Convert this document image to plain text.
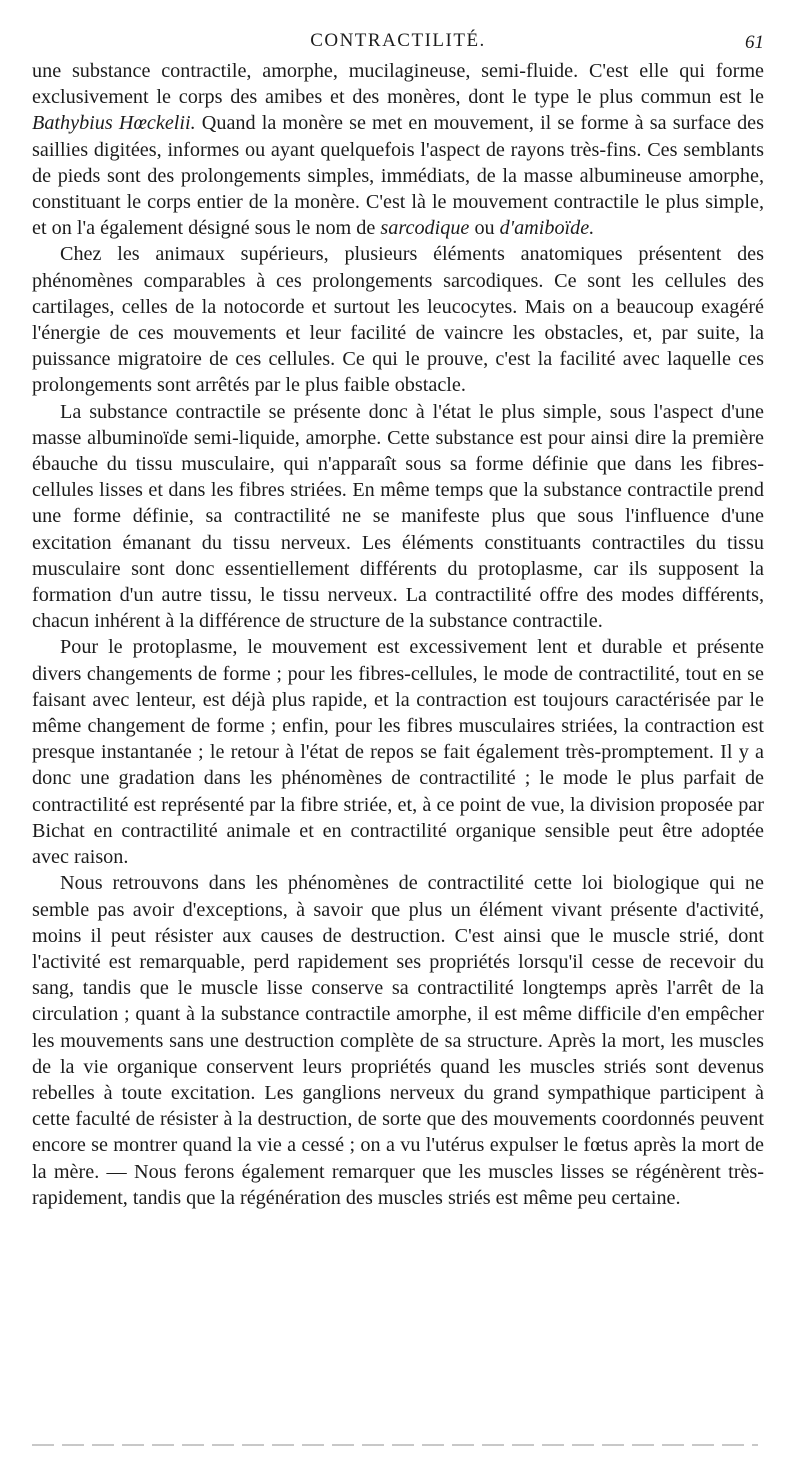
CONTRACTILITÉ.	61

une substance contractile, amorphe, mucilagineuse, semi-fluide. C'est elle qui forme exclusivement le corps des amibes et des monères, dont le type le plus commun est le Bathybius Hœckelii. Quand la monère se met en mouvement, il se forme à sa surface des saillies digitées, informes ou ayant quelquefois l'aspect de rayons très-fins. Ces semblants de pieds sont des prolongements simples, immédiats, de la masse albumineuse amorphe, constituant le corps entier de la monère. C'est là le mouvement contractile le plus simple, et on l'a également désigné sous le nom de sarcodique ou d'amiboïde.

Chez les animaux supérieurs, plusieurs éléments anatomiques présentent des phénomènes comparables à ces prolongements sarcodiques. Ce sont les cellules des cartilages, celles de la notocorde et surtout les leucocytes. Mais on a beaucoup exagéré l'énergie de ces mouvements et leur facilité de vaincre les obstacles, et, par suite, la puissance migratoire de ces cellules. Ce qui le prouve, c'est la facilité avec laquelle ces prolongements sont arrêtés par le plus faible obstacle.

La substance contractile se présente donc à l'état le plus simple, sous l'aspect d'une masse albuminoïde semi-liquide, amorphe. Cette substance est pour ainsi dire la première ébauche du tissu musculaire, qui n'apparaît sous sa forme définie que dans les fibres-cellules lisses et dans les fibres striées. En même temps que la substance contractile prend une forme définie, sa contractilité ne se manifeste plus que sous l'influence d'une excitation émanant du tissu nerveux. Les éléments constituants contractiles du tissu musculaire sont donc essentiellement différents du protoplasme, car ils supposent la formation d'un autre tissu, le tissu nerveux. La contractilité offre des modes différents, chacun inhérent à la différence de structure de la substance contractile.

Pour le protoplasme, le mouvement est excessivement lent et durable et présente divers changements de forme ; pour les fibres-cellules, le mode de contractilité, tout en se faisant avec lenteur, est déjà plus rapide, et la contraction est toujours caractérisée par le même changement de forme ; enfin, pour les fibres musculaires striées, la contraction est presque instantanée ; le retour à l'état de repos se fait également très-promptement. Il y a donc une gradation dans les phénomènes de contractilité ; le mode le plus parfait de contractilité est représenté par la fibre striée, et, à ce point de vue, la division proposée par Bichat en contractilité animale et en contractilité organique sensible peut être adoptée avec raison.

Nous retrouvons dans les phénomènes de contractilité cette loi biologique qui ne semble pas avoir d'exceptions, à savoir que plus un élément vivant présente d'activité, moins il peut résister aux causes de destruction. C'est ainsi que le muscle strié, dont l'activité est remarquable, perd rapidement ses propriétés lorsqu'il cesse de recevoir du sang, tandis que le muscle lisse conserve sa contractilité longtemps après l'arrêt de la circulation ; quant à la substance contractile amorphe, il est même difficile d'en empêcher les mouvements sans une destruction complète de sa structure. Après la mort, les muscles de la vie organique conservent leurs propriétés quand les muscles striés sont devenus rebelles à toute excitation. Les ganglions nerveux du grand sympathique participent à cette faculté de résister à la destruction, de sorte que des mouvements coordonnés peuvent encore se montrer quand la vie a cessé ; on a vu l'utérus expulser le fœtus après la mort de la mère. — Nous ferons également remarquer que les muscles lisses se régénèrent très-rapidement, tandis que la régénération des muscles striés est même peu certaine.
